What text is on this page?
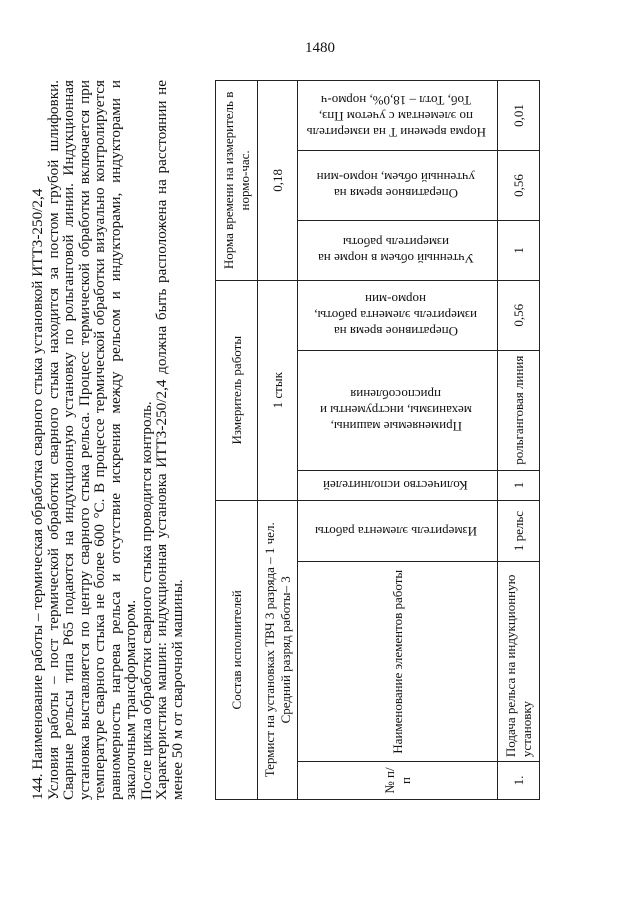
1480

144. Наименование работы – термическая обработка сварного стыка установкой ИТТЗ-250/2,4

Условия работы – пост термической обработки сварного стыка находится за постом грубой шлифовки. Сварные рельсы типа Р65 подаются на индукционную установку по рольганговой линии. Индукционная установка выставляется по центру сварного стыка рельса. Процесс термической обработки включается при температуре сварного стыка не более 600 °С. В процессе термической обработки визуально контролируется равномерность нагрева рельса и отсутствие искрения между рельсом и индукторами, индукторами и закалочным трансформатором.

После цикла обработки сварного стыка проводится контроль.

Характеристика машин: индукционная установка ИТТЗ-250/2,4 должна быть расположена на расстоянии не менее 50 м от сварочной машины.	Состав исполнителей			Измеритель работы			Норма времени на измеритель в нормо-час.		
Термист на установках ТВЧ 3 разряда – 1 чел. Средний разряд работы– 3			1 стык			0,18		
№ п/п	Наименование элементов работы	Измеритель элемента работы	Количество исполнителей	Применяемые машины, механизмы, инструменты и приспособления	Оперативное время на измеритель элемента работы, нормо-мин	Учтенный объем в норме на измеритель работы	Оперативное время на учтенный объем, нормо-мин	Норма времени Т на измеритель по элементам с учетом Ппз, Тоб, Тотл – 18,0%, нормо-ч
1.	Подача рельса на индукционную установку	1 рельс	1	рольганговая линия	0,56	1	0,56	0,01
